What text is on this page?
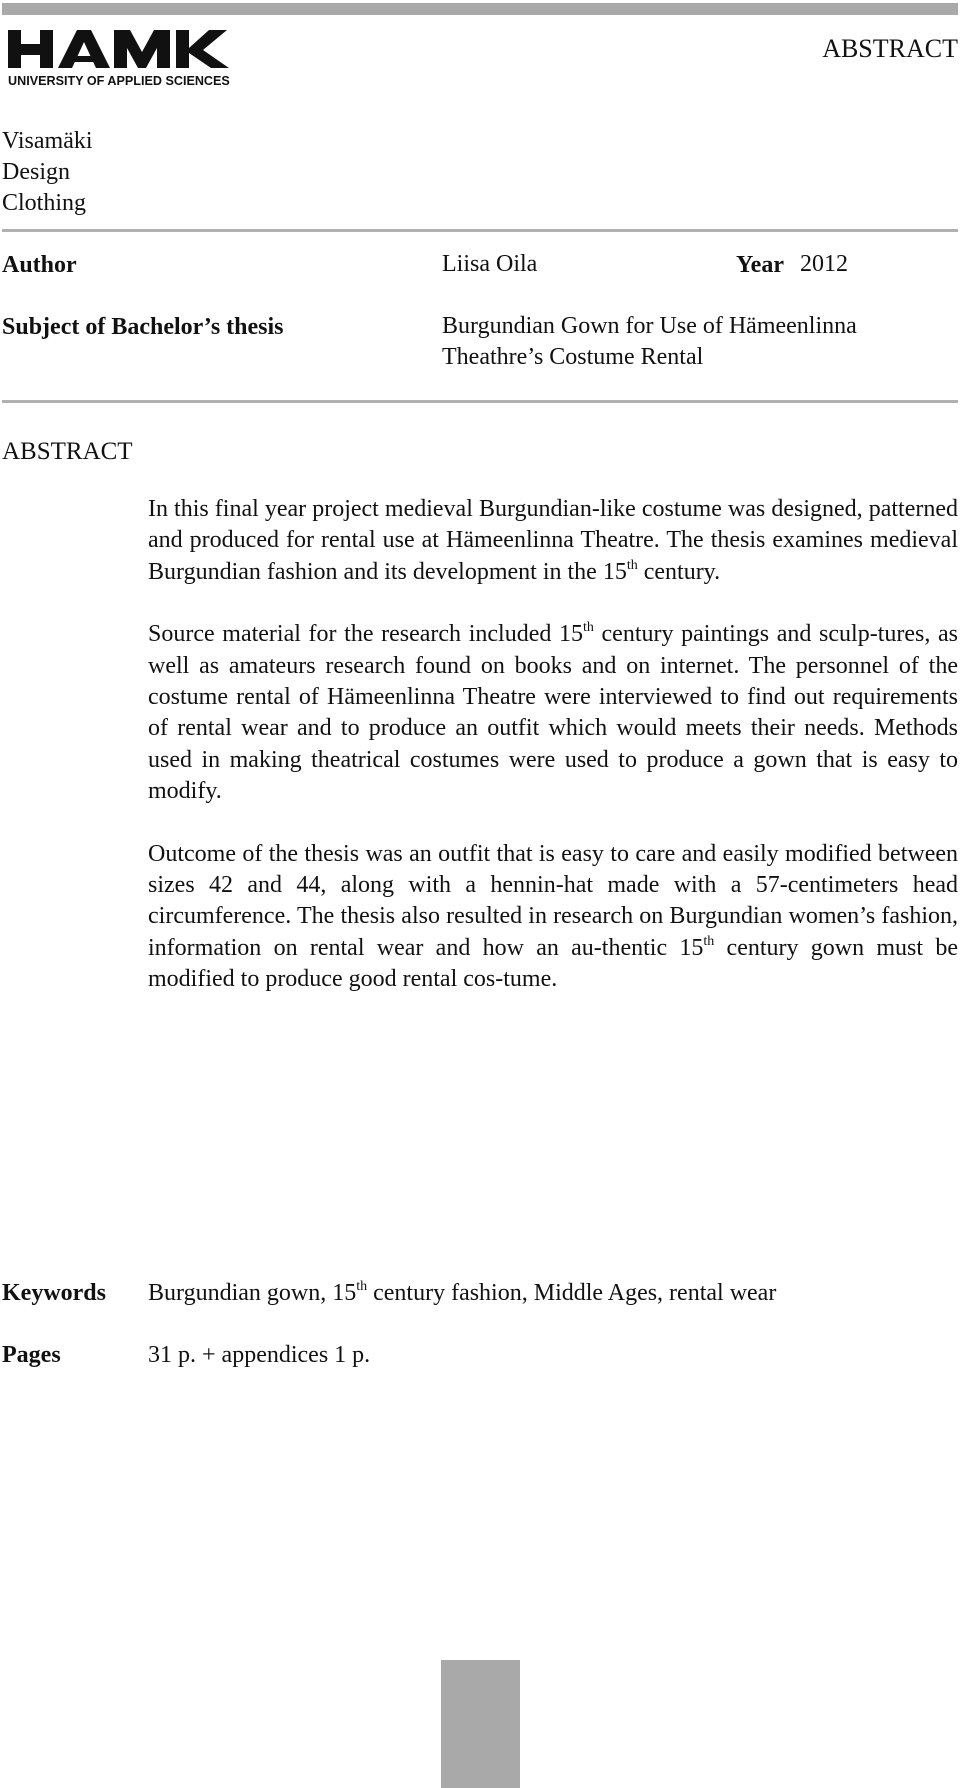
UNIVERSITY OF APPLIED SCIENCES
ABSTRACT
Visamäki
Design
Clothing
Author	Liisa Oila	Year 2012
Subject of Bachelor’s thesis	Burgundian Gown for Use of Hämeenlinna
Theathre’s Costume Rental
ABSTRACT

In this final year project medieval Burgundian-like costume was designed, patterned and produced for rental use at Hämeenlinna Theatre. The thesis examines medieval Burgundian fashion and its development in the 15th century.

Source material for the research included 15th century paintings and sculp-tures, as well as amateurs research found on books and on internet. The personnel of the costume rental of Hämeenlinna Theatre were interviewed to find out requirements of rental wear and to produce an outfit which would meets their needs. Methods used in making theatrical costumes were used to produce a gown that is easy to modify.

Outcome of the thesis was an outfit that is easy to care and easily modified between sizes 42 and 44, along with a hennin-hat made with a 57-centimeters head circumference. The thesis also resulted in research on Burgundian women’s fashion, information on rental wear and how an au-thentic 15th century gown must be modified to produce good rental cos-tume.

Keywords Burgundian gown, 15th century fashion, Middle Ages, rental wear
Pages	31 p. + appendices 1 p.
